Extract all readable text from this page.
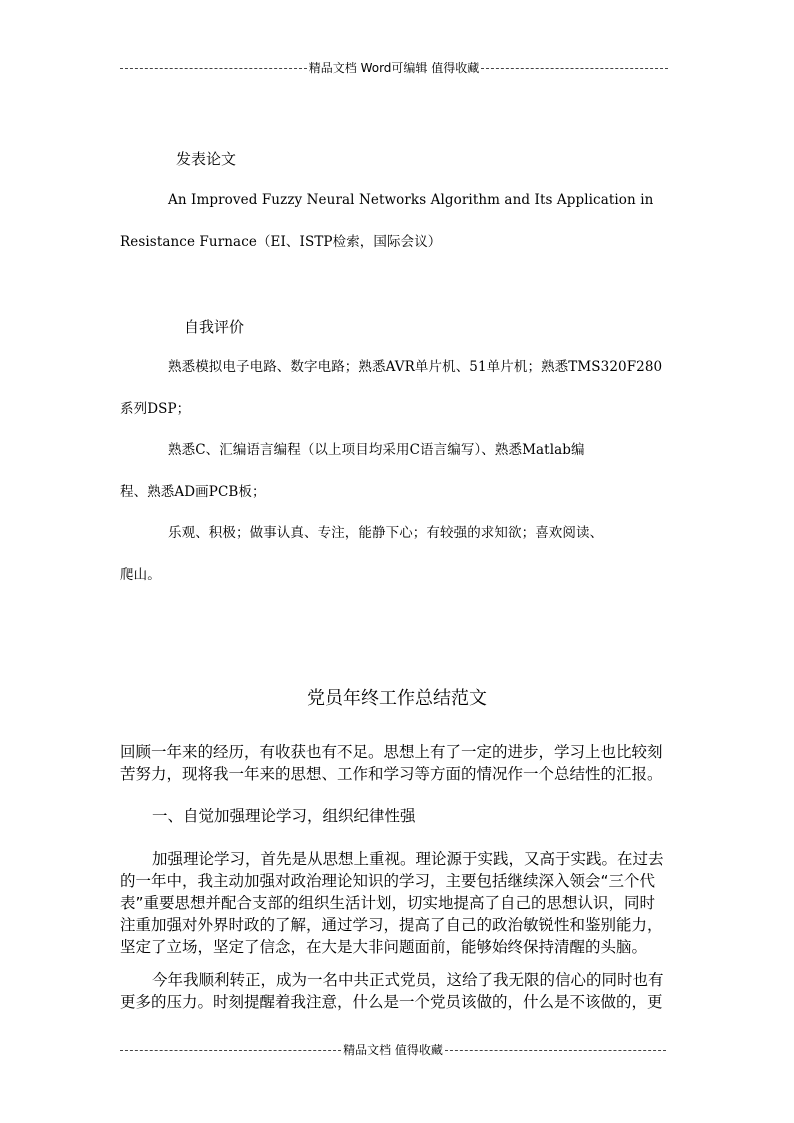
精品文档 Word可编辑 值得收藏
发表论文
An Improved Fuzzy Neural Networks Algorithm and Its Application in
Resistance Furnace（EI、ISTP检索，国际会议）
自我评价
熟悉模拟电子电路、数字电路；熟悉AVR单片机、51单片机；熟悉TMS320F280
系列DSP；
熟悉C、汇编语言编程（以上项目均采用C语言编写）、熟悉Matlab编
程、熟悉AD画PCB板；
乐观、积极；做事认真、专注，能静下心；有较强的求知欲；喜欢阅读、
爬山。
党员年终工作总结范文
回顾一年来的经历，有收获也有不足。思想上有了一定的进步，学习上也比较刻
苦努力，现将我一年来的思想、工作和学习等方面的情况作一个总结性的汇报。
一、自觉加强理论学习，组织纪律性强
加强理论学习，首先是从思想上重视。理论源于实践，又高于实践。在过去
的一年中，我主动加强对政治理论知识的学习，主要包括继续深入领会“三个代
表”重要思想并配合支部的组织生活计划，切实地提高了自己的思想认识，同时
注重加强对外界时政的了解，通过学习，提高了自己的政治敏锐性和鉴别能力，
坚定了立场，坚定了信念，在大是大非问题面前，能够始终保持清醒的头脑。
今年我顺利转正，成为一名中共正式党员，这给了我无限的信心的同时也有
更多的压力。时刻提醒着我注意，什么是一个党员该做的，什么是不该做的，更
精品文档 值得收藏
